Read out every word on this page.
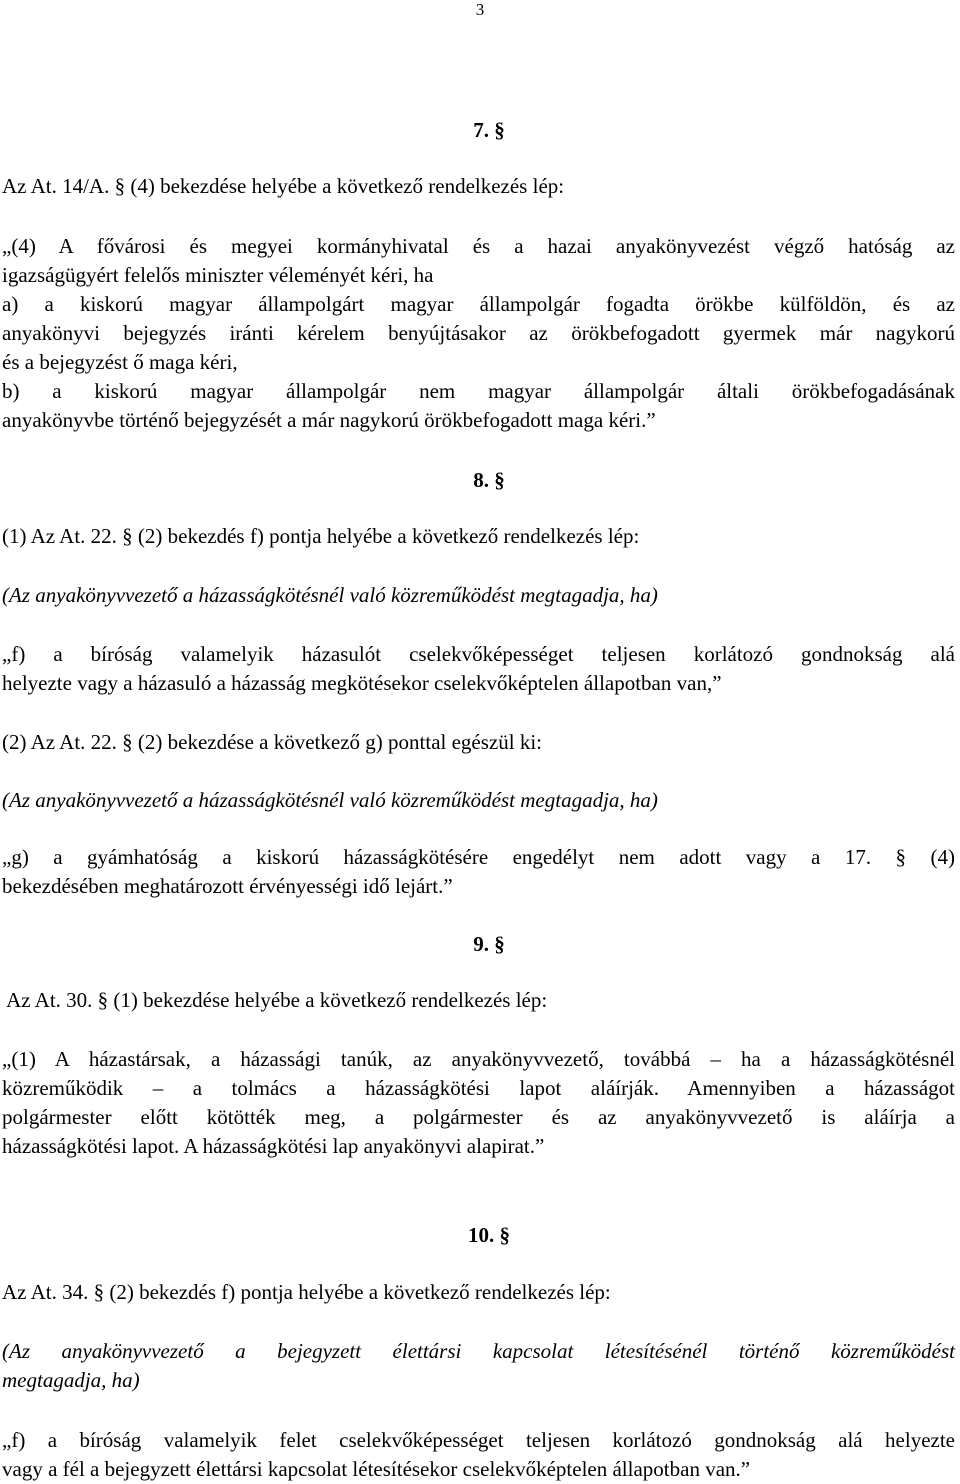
3
7. §
Az At. 14/A. § (4) bekezdése helyébe a következő rendelkezés lép:
„(4) A fővárosi és megyei kormányhivatal és a hazai anyakönyvezést végző hatóság az
igazságügyért felelős miniszter véleményét kéri, ha
a) a kiskorú magyar állampolgárt magyar állampolgár fogadta örökbe külföldön, és az
anyakönyvi bejegyzés iránti kérelem benyújtásakor az örökbefogadott gyermek már nagykorú
és a bejegyzést ő maga kéri,
b) a kiskorú magyar állampolgár nem magyar állampolgár általi örökbefogadásának
anyakönyvbe történő bejegyzését a már nagykorú örökbefogadott maga kéri.”
8. §
(1) Az At. 22. § (2) bekezdés f) pontja helyébe a következő rendelkezés lép:
(Az anyakönyvvezető a házasságkötésnél való közreműködést megtagadja, ha)
„f) a bíróság valamelyik házasulót cselekvőképességet teljesen korlátozó gondnokság alá
helyezte vagy a házasuló a házasság megkötésekor cselekvőképtelen állapotban van,”
(2) Az At. 22. § (2) bekezdése a következő g) ponttal egészül ki:
(Az anyakönyvvezető a házasságkötésnél való közreműködést megtagadja, ha)
„g) a gyámhatóság a kiskorú házasságkötésére engedélyt nem adott vagy a 17. § (4)
bekezdésében meghatározott érvényességi idő lejárt.”
9. §
Az At. 30. § (1) bekezdése helyébe a következő rendelkezés lép:
„(1) A házastársak, a házassági tanúk, az anyakönyvvezető, továbbá – ha a házasságkötésnél
közreműködik – a tolmács a házasságkötési lapot aláírják. Amennyiben a házasságot
polgármester előtt kötötték meg, a polgármester és az anyakönyvvezető is aláírja a
házasságkötési lapot. A házasságkötési lap anyakönyvi alapirat.”
10. §
Az At. 34. § (2) bekezdés f) pontja helyébe a következő rendelkezés lép:
(Az anyakönyvvezető a bejegyzett élettársi kapcsolat létesítésénél történő közreműködést
megtagadja, ha)
„f) a bíróság valamelyik felet cselekvőképességet teljesen korlátozó gondnokság alá helyezte
vagy a fél a bejegyzett élettársi kapcsolat létesítésekor cselekvőképtelen állapotban van.”
